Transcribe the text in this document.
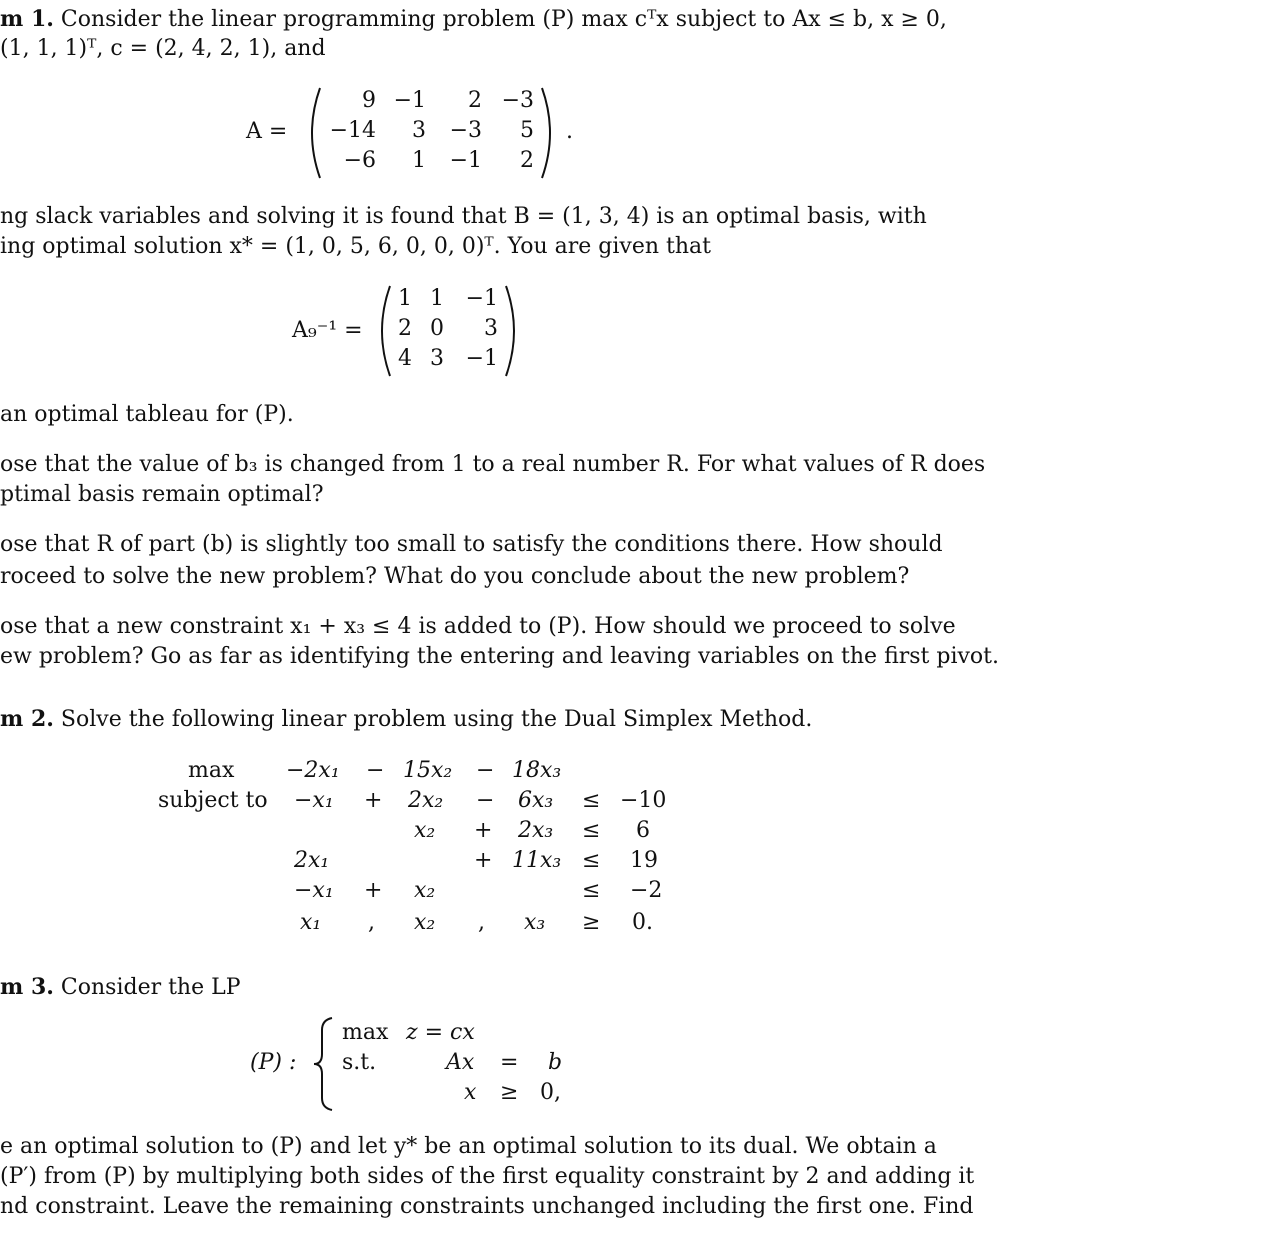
m 1. Consider the linear programming problem (P) max cᵀx subject to Ax ≤ b, x ≥ 0,
(1, 1, 1)ᵀ, c = (2, 4, 2, 1), and
A =
9 −1 2 −3
−14 3 −3 5
−6 1 −1 2
.
ng slack variables and solving it is found that B = (1, 3, 4) is an optimal basis, with
ing optimal solution x* = (1, 0, 5, 6, 0, 0, 0)ᵀ. You are given that
A₉⁻¹ =
1 1 −1
2 0 3
4 3 −1
an optimal tableau for (P).
ose that the value of b₃ is changed from 1 to a real number R. For what values of R does
ptimal basis remain optimal?
ose that R of part (b) is slightly too small to satisfy the conditions there. How should
roceed to solve the new problem? What do you conclude about the new problem?
ose that a new constraint x₁ + x₃ ≤ 4 is added to (P). How should we proceed to solve
ew problem? Go as far as identifying the entering and leaving variables on the first pivot.
m 2. Solve the following linear problem using the Dual Simplex Method.
max
subject to
−2x₁ − 15x₂ − 18x₃
−x₁ + 2x₂ − 6x₃ ≤ −10
x₂ + 2x₃ ≤ 6
2x₁	+ 11x₃ ≤ 19
−x₁ + x₂	≤ −2
x₁ , x₂ , x₃ ≥ 0.
m 3. Consider the LP
(P) :
max z = cx
s.t.	Ax = b
x ≥ 0,
e an optimal solution to (P) and let y* be an optimal solution to its dual. We obtain a
(P′) from (P) by multiplying both sides of the first equality constraint by 2 and adding it
nd constraint. Leave the remaining constraints unchanged including the first one. Find
